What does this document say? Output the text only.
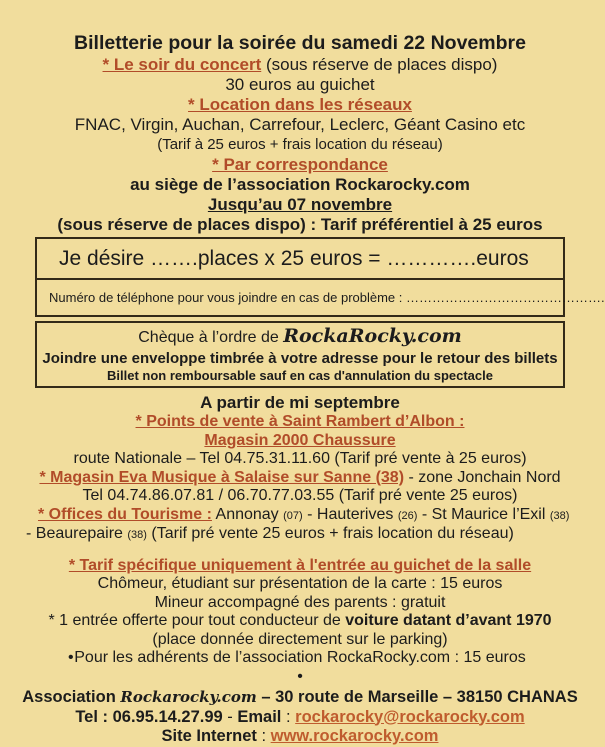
Billetterie pour la soirée du samedi 22 Novembre
* Le soir du concert (sous réserve de places dispo)
30 euros au guichet
* Location dans les réseaux
FNAC, Virgin, Auchan, Carrefour, Leclerc, Géant Casino etc
(Tarif à 25 euros + frais location du réseau)
* Par correspondance
au siège de l’association Rockarocky.com
Jusqu’au 07 novembre
(sous réserve de places dispo) : Tarif préférentiel à 25 euros
Je désire …….places x 25 euros = ………….euros
Numéro de téléphone pour vous joindre en cas de problème : ……………………………………….
Chèque à l’ordre de RockaRocky.com
Joindre une enveloppe timbrée à votre adresse pour le retour des billets
Billet non remboursable sauf en cas d'annulation du spectacle
A partir de mi septembre
* Points de vente à Saint Rambert d’Albon :
Magasin 2000 Chaussure
route Nationale – Tel 04.75.31.11.60 (Tarif pré vente à 25 euros)
* Magasin Eva Musique à Salaise sur Sanne (38) - zone Jonchain Nord
Tel 04.74.86.07.81 / 06.70.77.03.55 (Tarif pré vente 25 euros)
* Offices du Tourisme : Annonay (07) - Hauterives (26) - St Maurice l’Exil (38)
- Beaurepaire (38) (Tarif pré vente 25 euros + frais location du réseau)
* Tarif spécifique uniquement à l'entrée au guichet de la salle
Chômeur, étudiant sur présentation de la carte : 15 euros
Mineur accompagné des parents : gratuit
* 1 entrée offerte pour tout conducteur de voiture datant d’avant 1970
(place donnée directement sur le parking)
• Pour les adhérents de l’association RockaRocky.com : 15 euros
•
Association Rockarocky.com – 30 route de Marseille – 38150 CHANAS
Tel : 06.95.14.27.99 - Email : rockarocky@rockarocky.com
Site Internet : www.rockarocky.com
